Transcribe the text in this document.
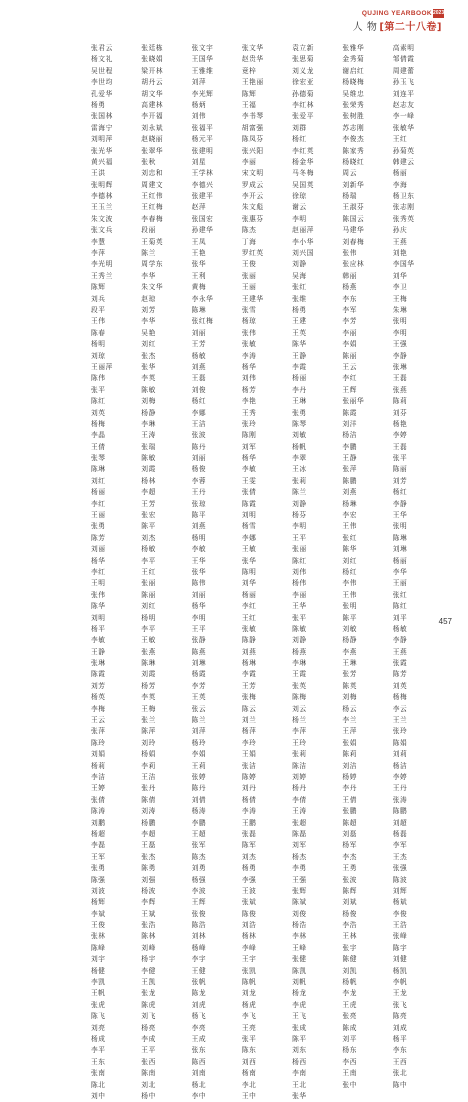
QUJING YEARBOOK 2023
人 物 [第二十八卷]
张君云	张廷栋	张文宇	张文华	袁立新	张雅华	高素明
杨文礼	张晓娟	王国华	赵贵华	张思菊	金秀菊	邹倩霞
吴世程	梁开林	王雅维	竟梓	刘义龙	谢启红	周建蕾
李世均	胡丹云	刘萍	王艳丽	徐宏亚	杨晓梅	孙玉飞
孔爱华	胡文华	李光辉	陈辉	孙德菊	吴维忠	刘连平
杨勇	高建林	杨炳	王福	李红林	张荣秀	赵志友
张国林	李开福	刘伟	李书琴	张爱平	张树胜	李一峰
雷海宁	刘永斌	张福平	胡富强	刘群	苏志刚	张敏华
刘明萍	赵晓丽	杨元平	陈凤芬	杨红	李俊杰	王红
张光华	张翠华	张建明	张兴阳	李红英	陈家秀	孙菊英
黄兴福	张秋	刘星	李丽	杨金华	杨晓红	韩建云
王洪	刘忠和	王学林	宋文明	马冬梅	周云	杨丽
张明辉	周建文	李德兴	罗成云	吴国英	刘新华	李海
李德林	王红伟	张建平	李开云	徐琼	杨瑞	杨卫东
王玉兰	王红梅	赵萍	朱文彪	谢云	王淑芬	张志刚
朱文波	李春梅	张国宏	张惠芬	李明	陈国云	张秀英
张文兵	段丽	孙建华	陈杰	赵丽萍	马建华	孙庆
李慧	王菊英	王凤	丁海	李小华	刘春梅	王燕
李萍	陈兰	王艳	罗红英	刘兴国	张伟	刘艳
李光明	周学东	张华	王俊	刘静	张应林	李国华
王秀兰	李华	王利	张丽	吴海	韩丽	刘华
陈辉	朱文华	黄梅	王丽	张红	杨燕	李卫
刘兵	赵琼	李永华	王建华	张维	李东	王梅
段平	刘芳	陈琳	张雪	杨勇	李军	朱琳
王伟	李华	张红梅	杨琼	王建	李芳	张明
陈春	吴艳	刘丽	张伟	王英	李丽	李明
杨明	刘红	王芳	张敏	陈华	李娟	王强
刘琼	张杰	杨敏	李涛	王静	陈丽	李静
王丽萍	张华	刘燕	杨华	李霞	王云	张琳
陈伟	李英	王磊	刘伟	杨丽	李红	王磊
张平	陈敏	刘俊	杨芳	李丹	王辉	张燕
陈红	刘梅	杨红	李艳	王琳	张丽华	陈莉
刘英	杨静	李娜	王秀	张勇	陈霞	刘芬
杨梅	李琳	王洁	张玲	陈琴	刘洋	杨艳
李晶	王涛	张波	陈刚	刘敏	杨洁	李婷
王倩	张瑞	陈丹	刘军	杨帆	李鹏	王磊
张琴	陈敏	刘丽	杨华	李翠	王静	张平
陈琳	刘霞	杨俊	李敏	王冰	张萍	陈丽
刘红	杨林	李蓉	王雯	张莉	陈鹏	刘芳
杨丽	李超	王丹	张倩	陈兰	刘燕	杨红
李红	王芳	张琼	陈霞	刘静	杨琳	李静
王丽	张宏	陈平	刘明	杨芬	李宏	王华
张勇	陈平	刘燕	杨雪	李明	王伟	张明
陈芳	刘杰	杨明	李娜	王平	张红	陈琳
刘丽	杨敏	李敏	王敏	张丽	陈华	刘琳
杨华	李平	王华	张华	陈红	刘红	杨丽
李红	王红	张华	陈明	刘伟	杨红	李华
王明	张丽	陈伟	刘华	杨伟	李伟	王丽
张伟	陈丽	刘丽	杨丽	李丽	王伟	张红
陈华	刘红	杨华	李红	王华	张明	陈红
刘明	杨明	李明	王红	张平	陈平	刘平
杨平	李平	王平	张敏	陈敏	刘敏	杨敏
李敏	王敏	张静	陈静	刘静	杨静	李静
王静	张燕	陈燕	刘燕	杨燕	李燕	王燕
张琳	陈琳	刘琳	杨琳	李琳	王琳	张霞
陈霞	刘霞	杨霞	李霞	王霞	张芳	陈芳
刘芳	杨芳	李芳	王芳	张英	陈英	刘英
杨英	李英	王英	张梅	陈梅	刘梅	杨梅
李梅	王梅	张云	陈云	刘云	杨云	李云
王云	张兰	陈兰	刘兰	杨兰	李兰	王兰
张萍	陈萍	刘萍	杨萍	李萍	王萍	张玲
陈玲	刘玲	杨玲	李玲	王玲	张娟	陈娟
刘娟	杨娟	李娟	王娟	张莉	陈莉	刘莉
杨莉	李莉	王莉	张洁	陈洁	刘洁	杨洁
李洁	王洁	张婷	陈婷	刘婷	杨婷	李婷
王婷	张丹	陈丹	刘丹	杨丹	李丹	王丹
张倩	陈倩	刘倩	杨倩	李倩	王倩	张涛
陈涛	刘涛	杨涛	李涛	王涛	张鹏	陈鹏
刘鹏	杨鹏	李鹏	王鹏	张超	陈超	刘超
杨超	李超	王超	张磊	陈磊	刘磊	杨磊
李磊	王磊	张军	陈军	刘军	杨军	李军
王军	张杰	陈杰	刘杰	杨杰	李杰	王杰
张勇	陈勇	刘勇	杨勇	李勇	王勇	张强
陈强	刘强	杨强	李强	王强	张波	陈波
刘波	杨波	李波	王波	张辉	陈辉	刘辉
杨辉	李辉	王辉	张斌	陈斌	刘斌	杨斌
李斌	王斌	张俊	陈俊	刘俊	杨俊	李俊
王俊	张浩	陈浩	刘浩	杨浩	李浩	王浩
张林	陈林	刘林	杨林	李林	王林	张峰
陈峰	刘峰	杨峰	李峰	王峰	张宇	陈宇
刘宇	杨宇	李宇	王宇	张健	陈健	刘健
杨健	李健	王健	张凯	陈凯	刘凯	杨凯
李凯	王凯	张帆	陈帆	刘帆	杨帆	李帆
王帆	张龙	陈龙	刘龙	杨龙	李龙	王龙
张虎	陈虎	刘虎	杨虎	李虎	王虎	张飞
陈飞	刘飞	杨飞	李飞	王飞	张亮	陈亮
刘亮	杨亮	李亮	王亮	张成	陈成	刘成
杨成	李成	王成	张平	陈平	刘平	杨平
李平	王平	张东	陈东	刘东	杨东	李东
王东	张西	陈西	刘西	杨西	李西	王西
张南	陈南	刘南	杨南	李南	王南	张北
陈北	刘北	杨北	李北	王北	张中	陈中
刘中	杨中	李中	王中	张华
457
